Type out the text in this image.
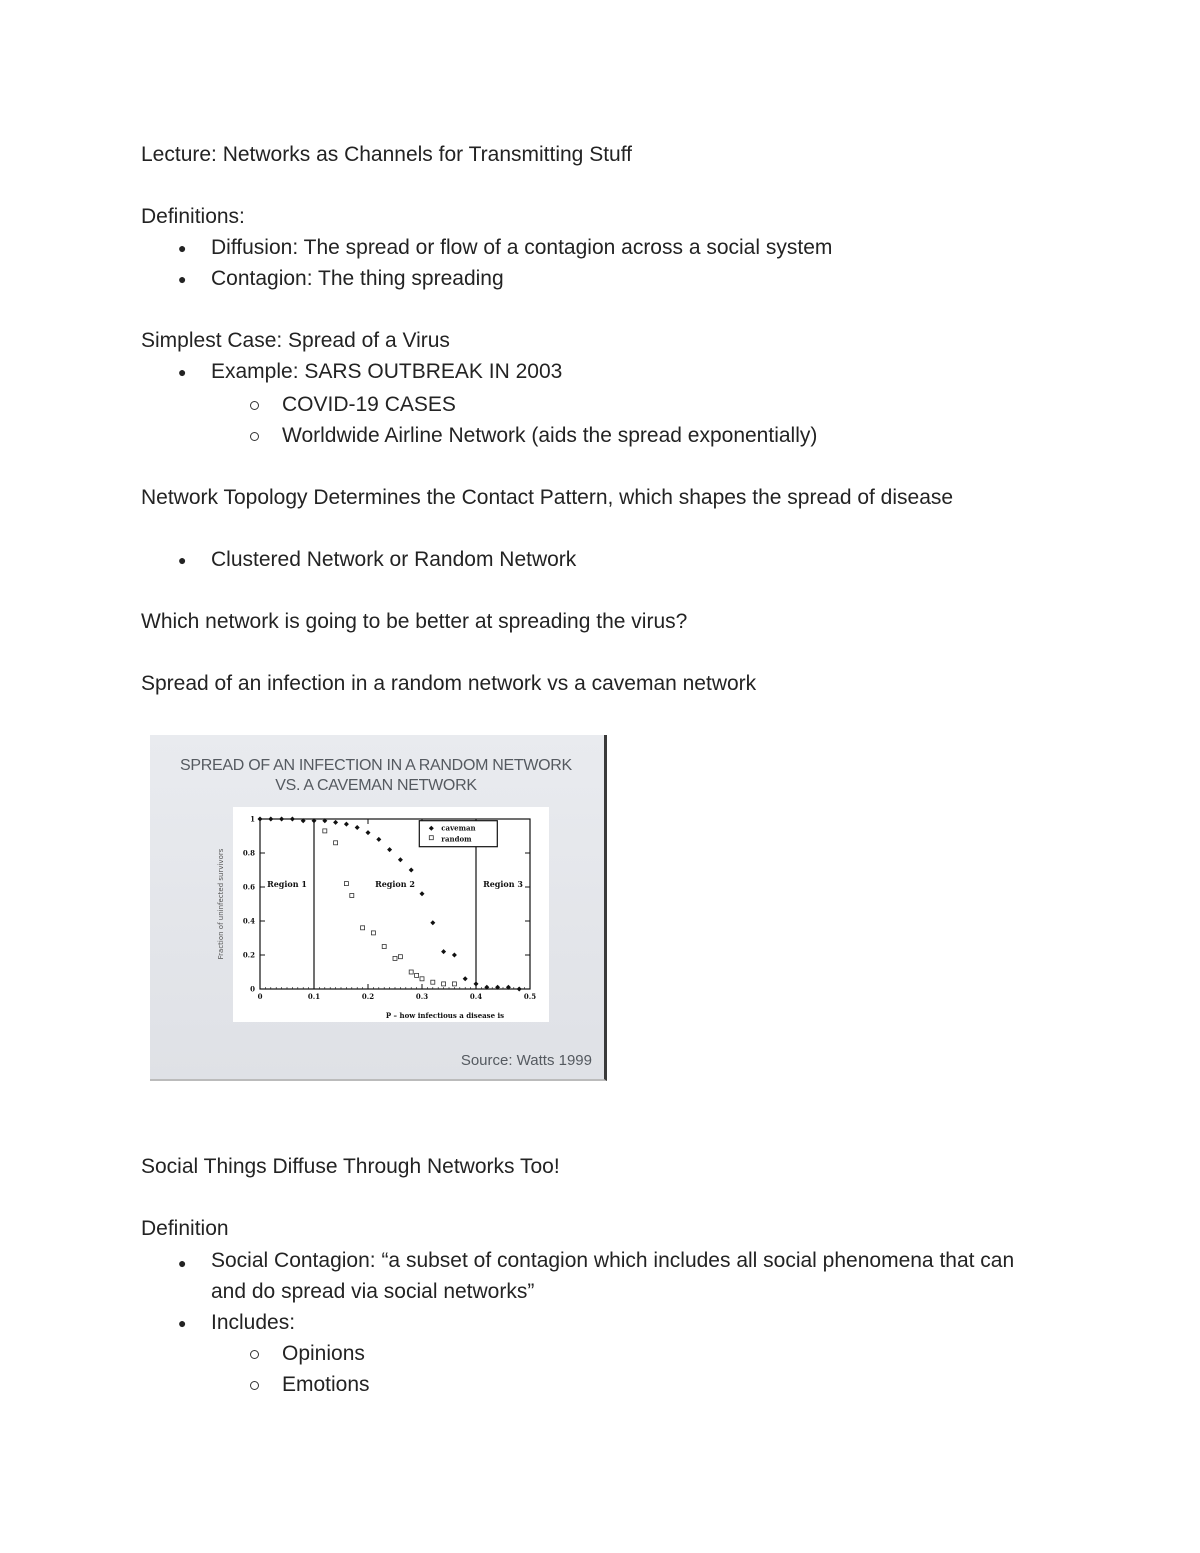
Lecture: Networks as Channels for Transmitting Stuff
Definitions:
● Diffusion: The spread or flow of a contagion across a social system
● Contagion: The thing spreading
Simplest Case: Spread of a Virus
● Example: SARS OUTBREAK IN 2003
COVID-19 CASES
Worldwide Airline Network (aids the spread exponentially)
Network Topology Determines the Contact Pattern, which shapes the spread of disease
● Clustered Network or Random Network
Which network is going to be better at spreading the virus?
Spread of an infection in a random network vs a caveman network
SPREAD OF AN INFECTION IN A RANDOM NETWORK
VS. A CAVEMAN NETWORK
Region 1	Region 2	Region 3
0	0.1	0.2	0.3	0.4	0.5
0
0.2
0.4
0.6
0.8
1
P – how infectious a disease is
Fraction of uninfected survivors
caveman
random
Source: Watts 1999
Social Things Diffuse Through Networks Too!
Definition
● Social Contagion: “a subset of contagion which includes all social phenomena that can and do spread via social networks”
● Includes:
Opinions
Emotions
